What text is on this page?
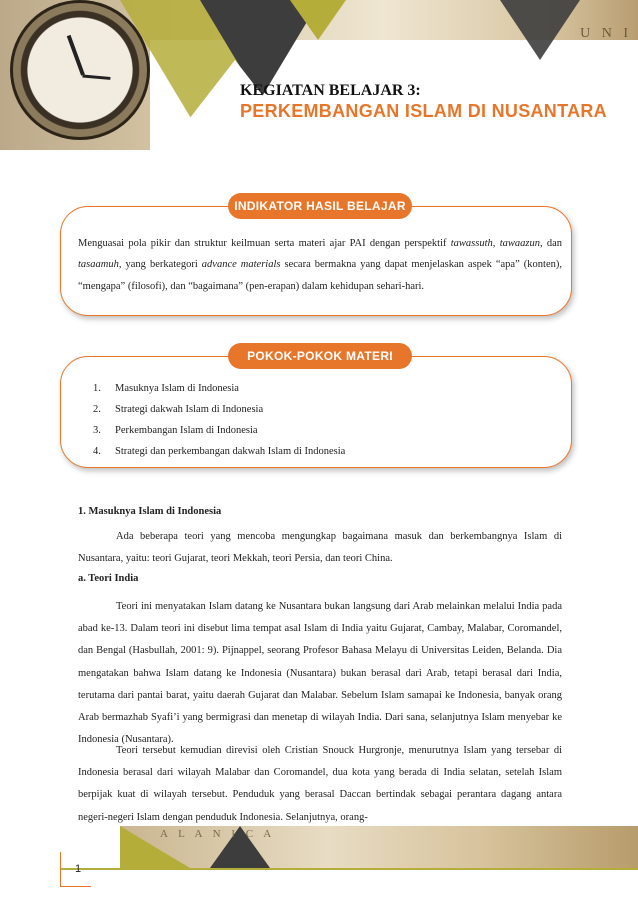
U N I
KEGIATAN BELAJAR 3:
PERKEMBANGAN ISLAM DI NUSANTARA
INDIKATOR HASIL BELAJAR
Menguasai pola pikir dan struktur keilmuan serta materi ajar PAI dengan perspektif tawassuth, tawaazun, dan tasaamuh, yang berkategori advance materials secara bermakna yang dapat menjelaskan aspek “apa” (konten), “mengapa” (filosofi), dan “bagaimana” (pen-erapan) dalam kehidupan sehari-hari.
POKOK-POKOK MATERI
1.	Masuknya Islam di Indonesia
2.	Strategi dakwah Islam di Indonesia
3.	Perkembangan Islam di Indonesia
4.	Strategi dan perkembangan dakwah Islam di Indonesia
1. Masuknya Islam di Indonesia

Ada beberapa teori yang mencoba mengungkap bagaimana masuk dan berkembangnya Islam di Nusantara, yaitu: teori Gujarat, teori Mekkah, teori Persia, dan teori China.

a. Teori India

Teori ini menyatakan Islam datang ke Nusantara bukan langsung dari Arab melainkan melalui India pada abad ke-13. Dalam teori ini disebut lima tempat asal Islam di India yaitu Gujarat, Cambay, Malabar, Coromandel, dan Bengal (Hasbullah, 2001: 9). Pijnappel, seorang Profesor Bahasa Melayu di Universitas Leiden, Belanda. Dia mengatakan bahwa Islam datang ke Indonesia (Nusantara) bukan berasal dari Arab, tetapi berasal dari India, terutama dari pantai barat, yaitu daerah Gujarat dan Malabar. Sebelum Islam samapai ke Indonesia, banyak orang Arab bermazhab Syafi’i yang bermigrasi dan menetap di wilayah India. Dari sana, selanjutnya Islam menyebar ke Indonesia (Nusantara).

Teori tersebut kemudian direvisi oleh Cristian Snouck Hurgronje, menurutnya Islam yang tersebar di Indonesia berasal dari wilayah Malabar dan Coromandel, dua kota yang berada di India selatan, setelah Islam berpijak kuat di wilayah tersebut. Penduduk yang berasal Daccan bertindak sebagai perantara dagang antara negeri-negeri Islam dengan penduduk Indonesia. Selanjutnya, orang-

A L A N I C A
1
